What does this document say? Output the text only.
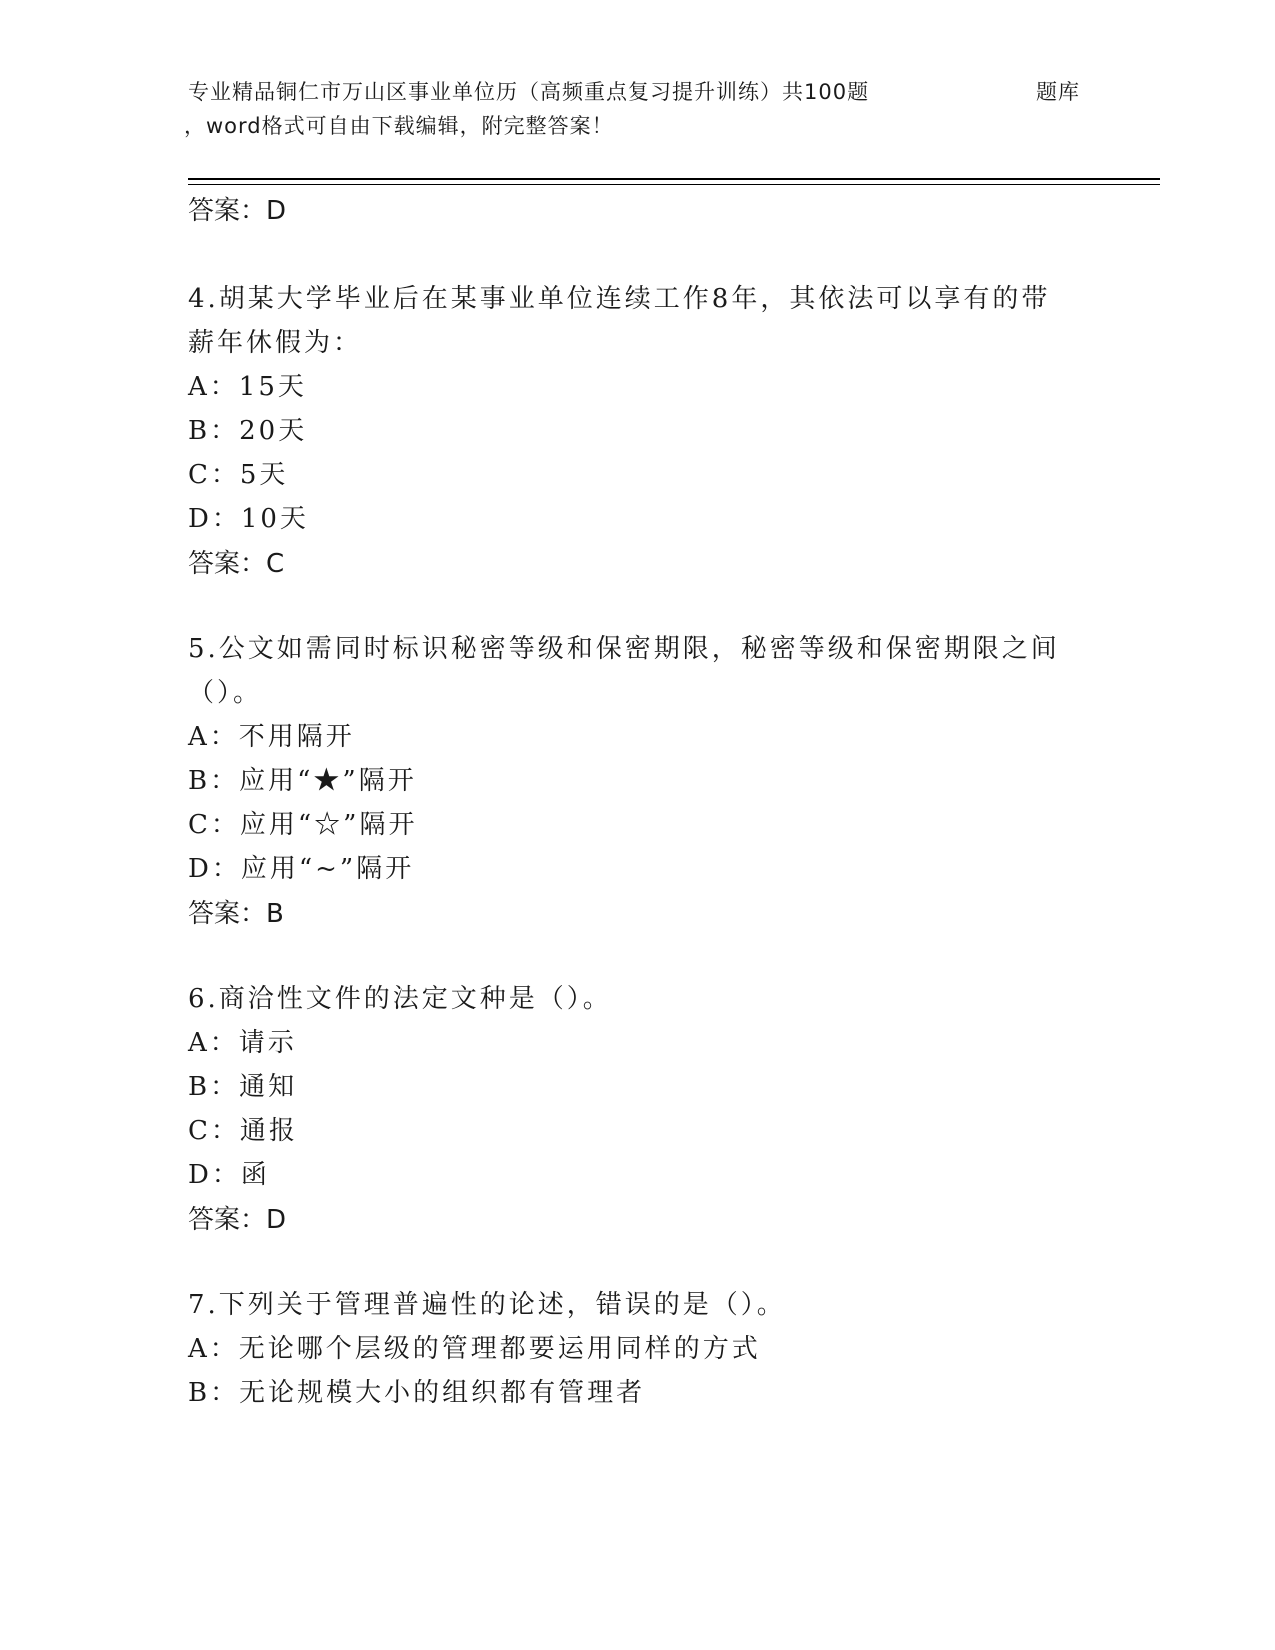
专业精品铜仁市万山区事业单位历（高频重点复习提升训练）共100题	题库
，word格式可自由下载编辑，附完整答案！
答案：D
4.胡某大学毕业后在某事业单位连续工作8年，其依法可以享有的带
薪年休假为：
A：15天
B：20天
C：5天
D：10天
答案：C
5.公文如需同时标识秘密等级和保密期限，秘密等级和保密期限之间
（）。
A：不用隔开
B：应用“★”隔开
C：应用“☆”隔开
D：应用“~”隔开
答案：B
6.商洽性文件的法定文种是（）。
A：请示
B：通知
C：通报
D：函
答案：D
7.下列关于管理普遍性的论述，错误的是（）。
A：无论哪个层级的管理都要运用同样的方式
B：无论规模大小的组织都有管理者
